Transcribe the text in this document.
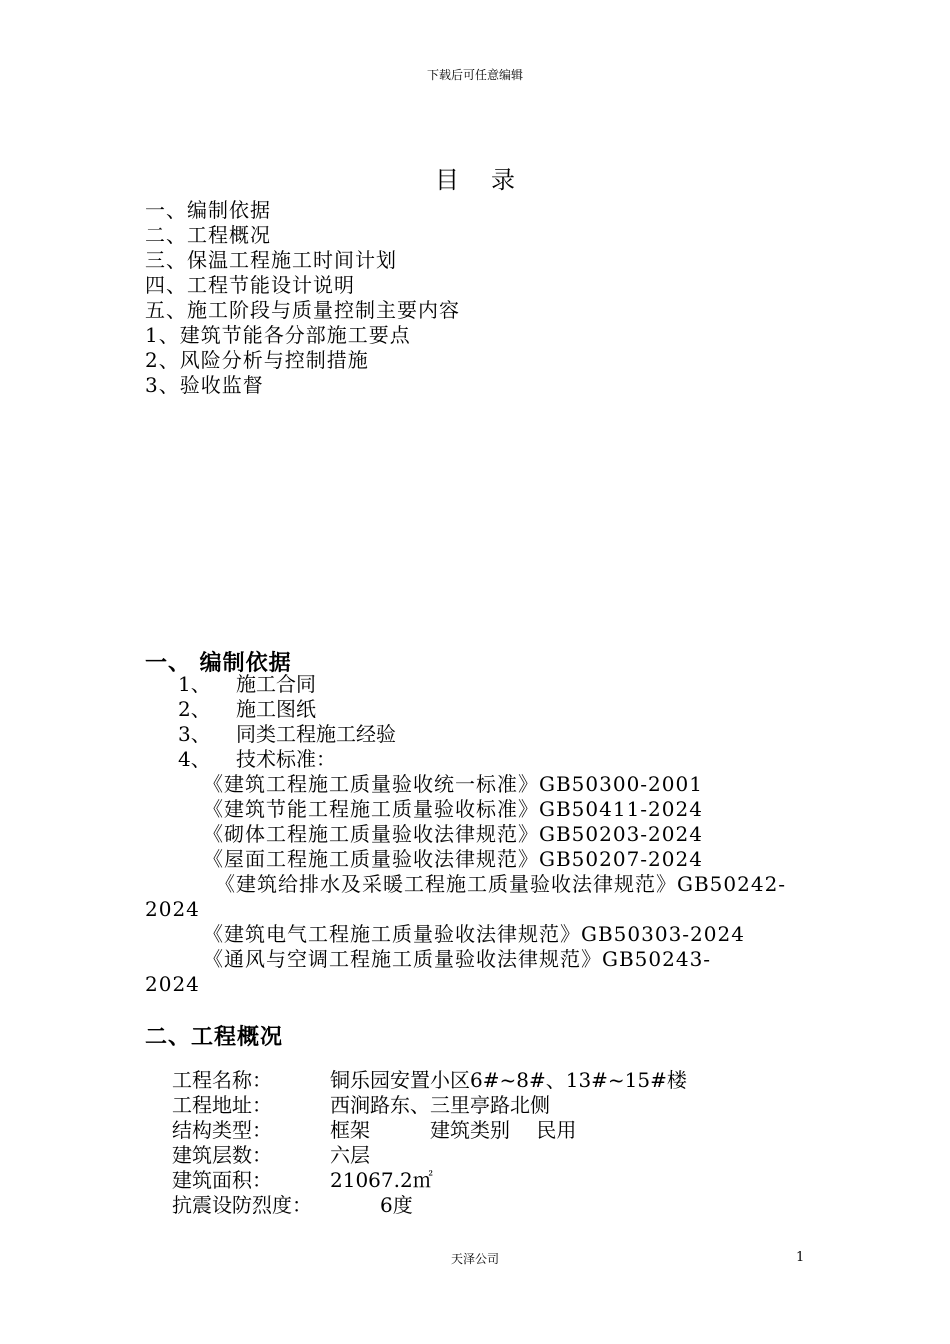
下载后可任意编辑
目录
一、编制依据
二、工程概况
三、保温工程施工时间计划
四、工程节能设计说明
五、施工阶段与质量控制主要内容
1、建筑节能各分部施工要点
2、风险分析与控制措施
3、验收监督
一、 编制依据
1、 施工合同
2、 施工图纸
3、 同类工程施工经验
4、 技术标准：
《建筑工程施工质量验收统一标准》GB50300-2001
《建筑节能工程施工质量验收标准》GB50411-2024
《砌体工程施工质量验收法律规范》GB50203-2024
《屋面工程施工质量验收法律规范》GB50207-2024
《建筑给排水及采暖工程施工质量验收法律规范》GB50242-
2024
《建筑电气工程施工质量验收法律规范》GB50303-2024
《通风与空调工程施工质量验收法律规范》GB50243-
2024
二、工程概况
工程名称：	铜乐园安置小区6#~8#、13#~15#楼
工程地址：	西涧路东、三里亭路北侧
结构类型：	框架　　　建筑类别　 民用
建筑层数：	六层
建筑面积：	21067.2㎡
抗震设防烈度：	6度
天泽公司	1
